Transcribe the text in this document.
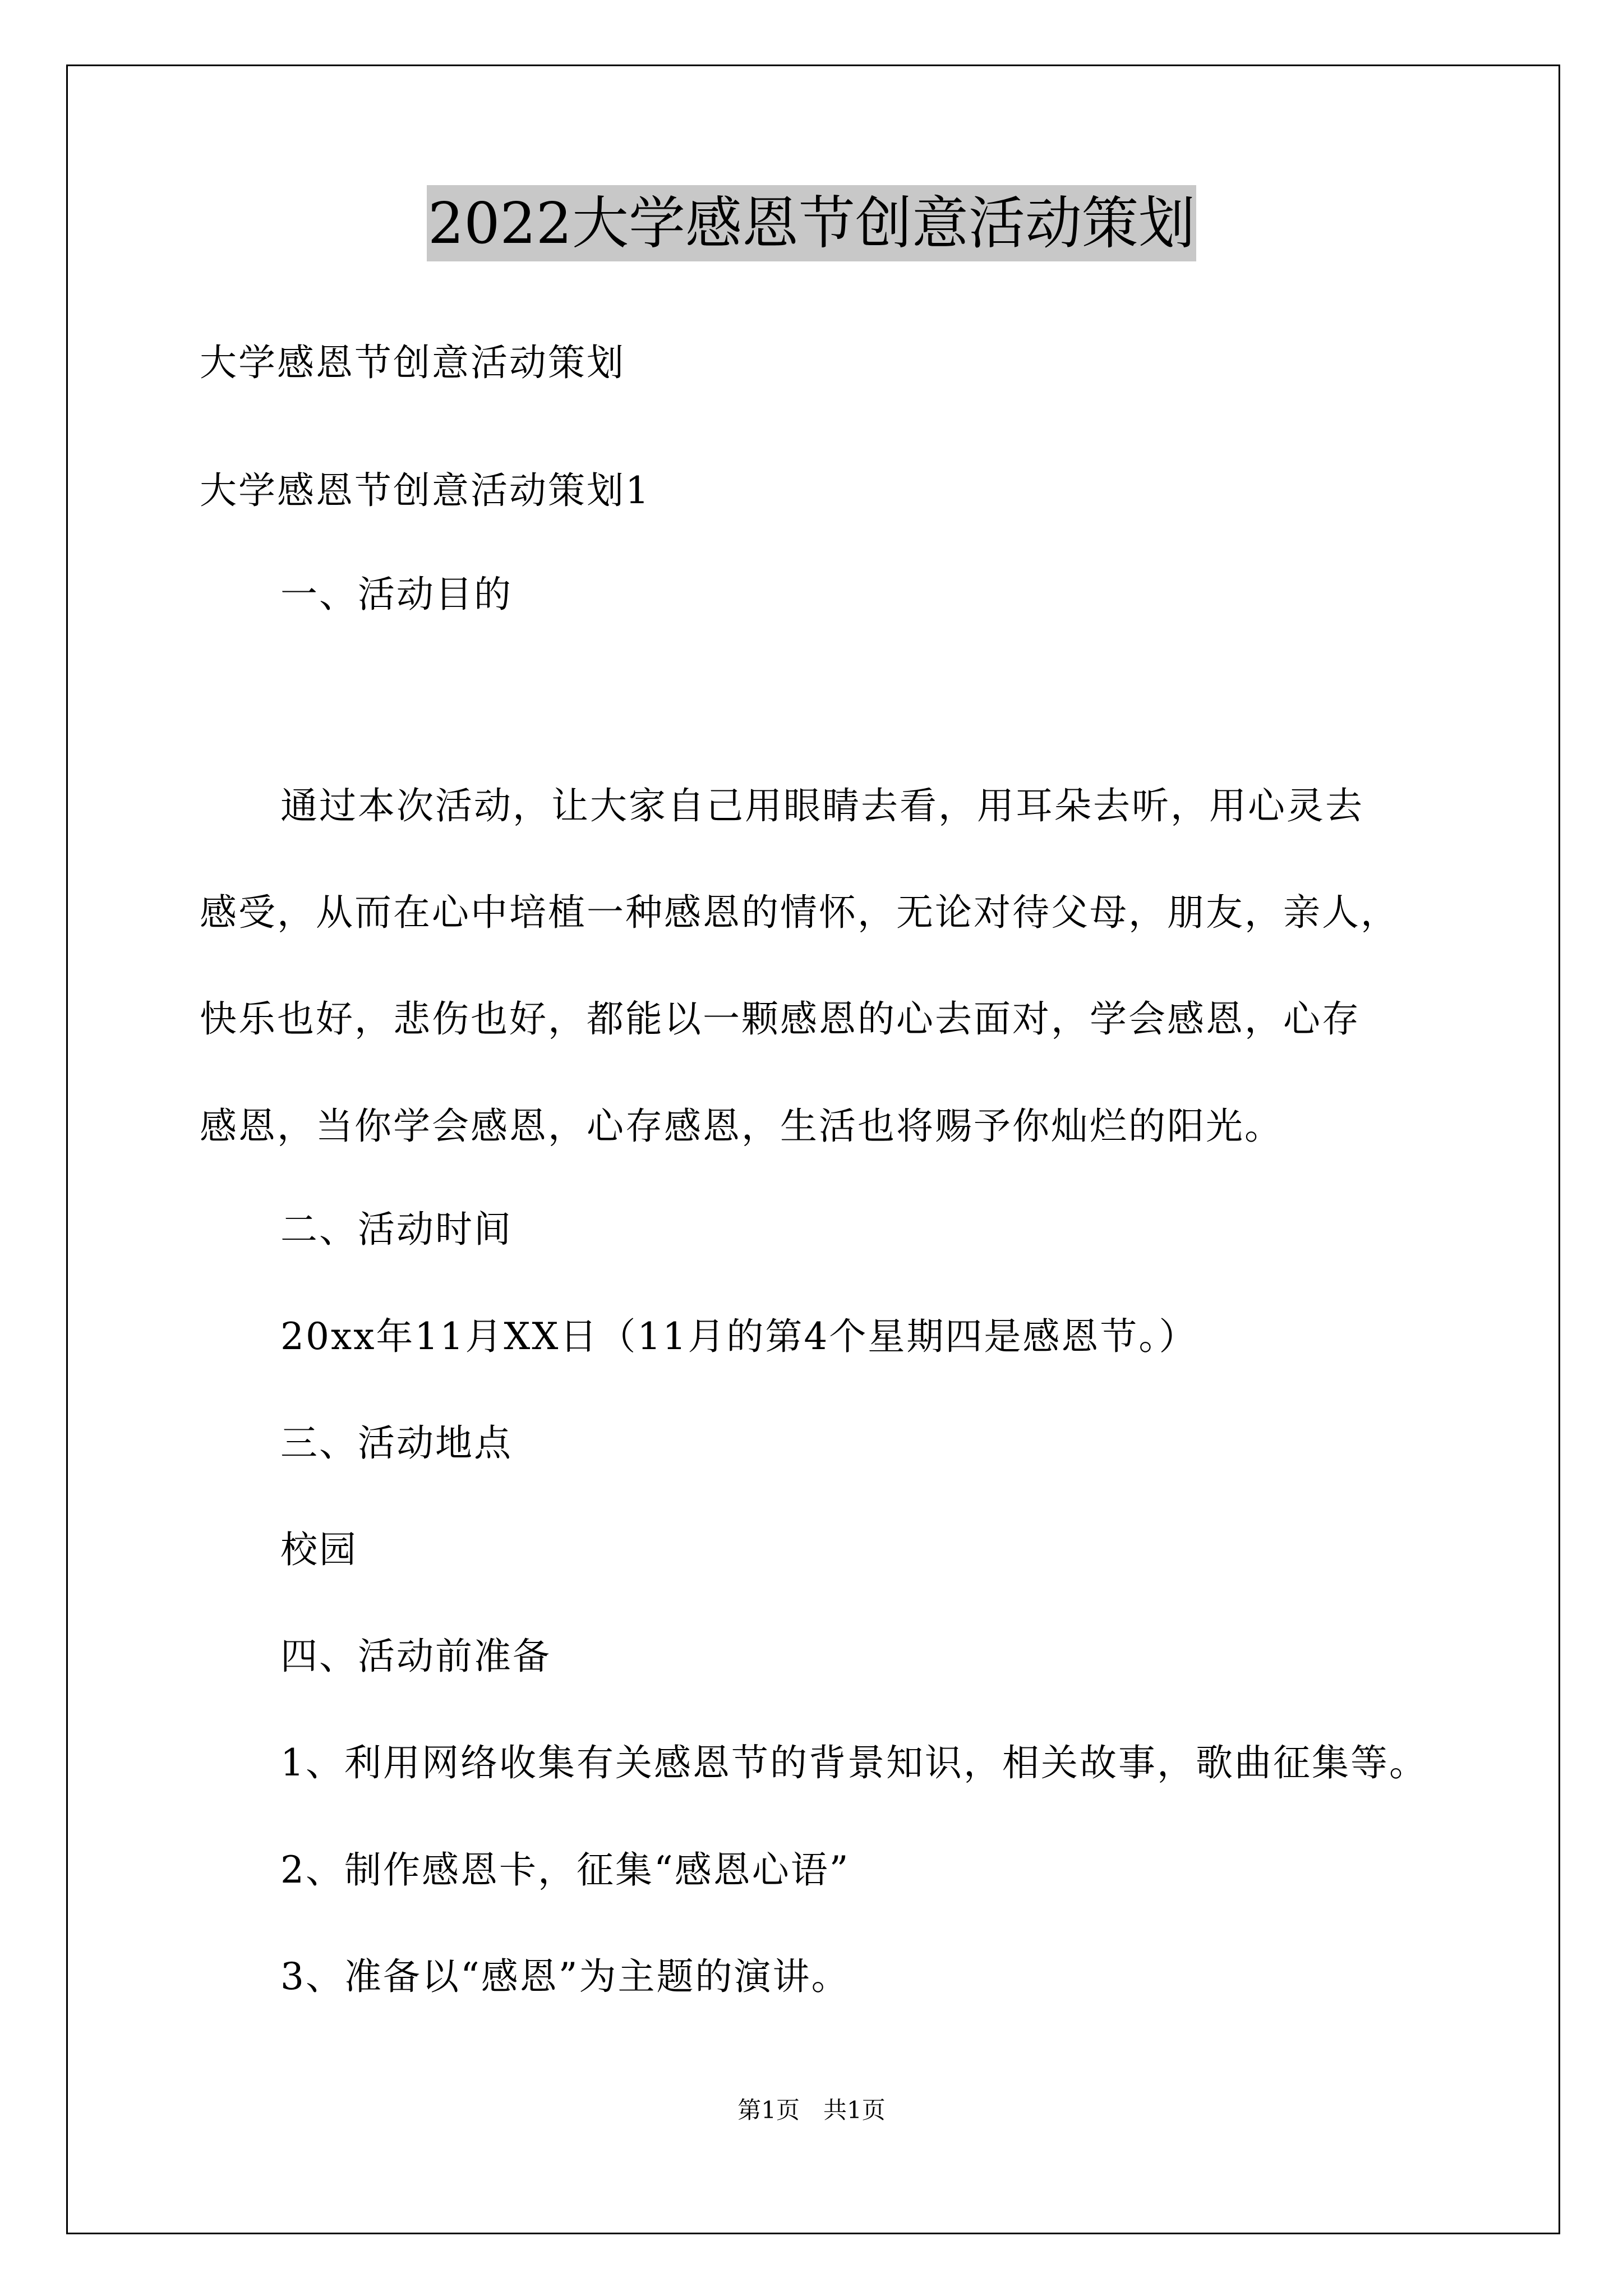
2022大学感恩节创意活动策划
大学感恩节创意活动策划
大学感恩节创意活动策划1
一、活动目的
通过本次活动，让大家自己用眼睛去看，用耳朵去听，用心灵去
感受，从而在心中培植一种感恩的情怀，无论对待父母，朋友，亲人，
快乐也好，悲伤也好，都能以一颗感恩的心去面对，学会感恩，心存
感恩，当你学会感恩，心存感恩，生活也将赐予你灿烂的阳光。
二、活动时间
20xx年11月XX日（11月的第4个星期四是感恩节。）
三、活动地点
校园
四、活动前准备
1、利用网络收集有关感恩节的背景知识，相关故事，歌曲征集等。
2、制作感恩卡，征集“感恩心语”
3、准备以“感恩”为主题的演讲。
第1页　共1页
